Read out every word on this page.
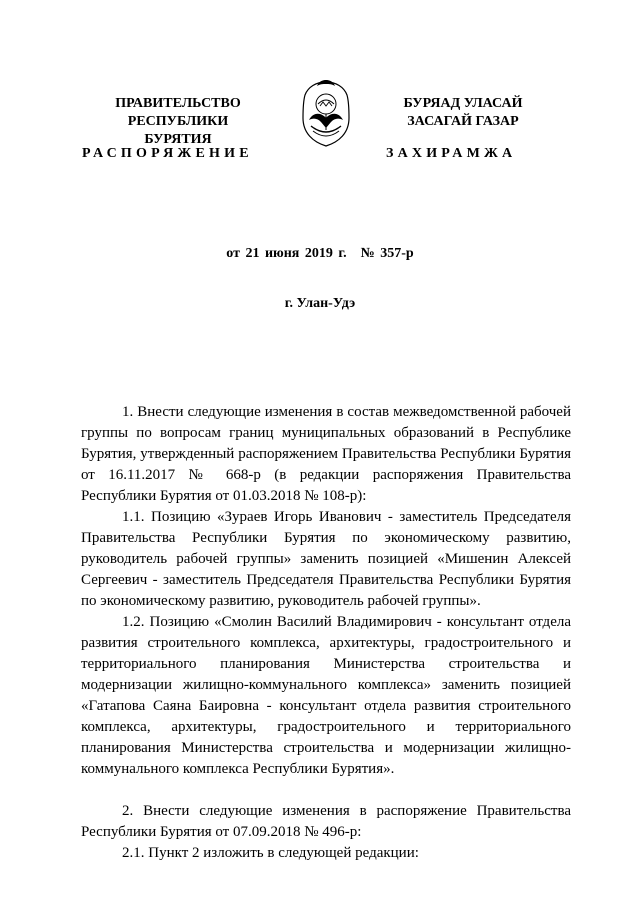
ПРАВИТЕЛЬСТВО
РЕСПУБЛИКИ БУРЯТИЯ
БУРЯАД УЛАСАЙ
ЗАСАГАЙ ГАЗАР
РАСПОРЯЖЕНИЕ	ЗАХИРАМЖА
от 21 июня 2019 г. № 357-р
г. Улан-Удэ

1. Внести следующие изменения в состав межведомственной рабочей группы по вопросам границ муниципальных образований в Республике Бурятия, утвержденный распоряжением Правительства Республики Бурятия от 16.11.2017 № 668-р (в редакции распоряжения Правительства Республики Бурятия от 01.03.2018 № 108-р):

1.1. Позицию «Зураев Игорь Иванович - заместитель Председателя Правительства Республики Бурятия по экономическому развитию, руководитель рабочей группы» заменить позицией «Мишенин Алексей Сергеевич - заместитель Председателя Правительства Республики Бурятия по экономическому развитию, руководитель рабочей группы».

1.2. Позицию «Смолин Василий Владимирович - консультант отдела развития строительного комплекса, архитектуры, градостроительного и территориального планирования Министерства строительства и модернизации жилищно-коммунального комплекса» заменить позицией «Гатапова Саяна Баировна - консультант отдела развития строительного комплекса, архитектуры, градостроительного и территориального планирования Министерства строительства и модернизации жилищно-коммунального комплекса Республики Бурятия».

2. Внести следующие изменения в распоряжение Правительства Республики Бурятия от 07.09.2018 № 496-р:

2.1. Пункт 2 изложить в следующей редакции:
